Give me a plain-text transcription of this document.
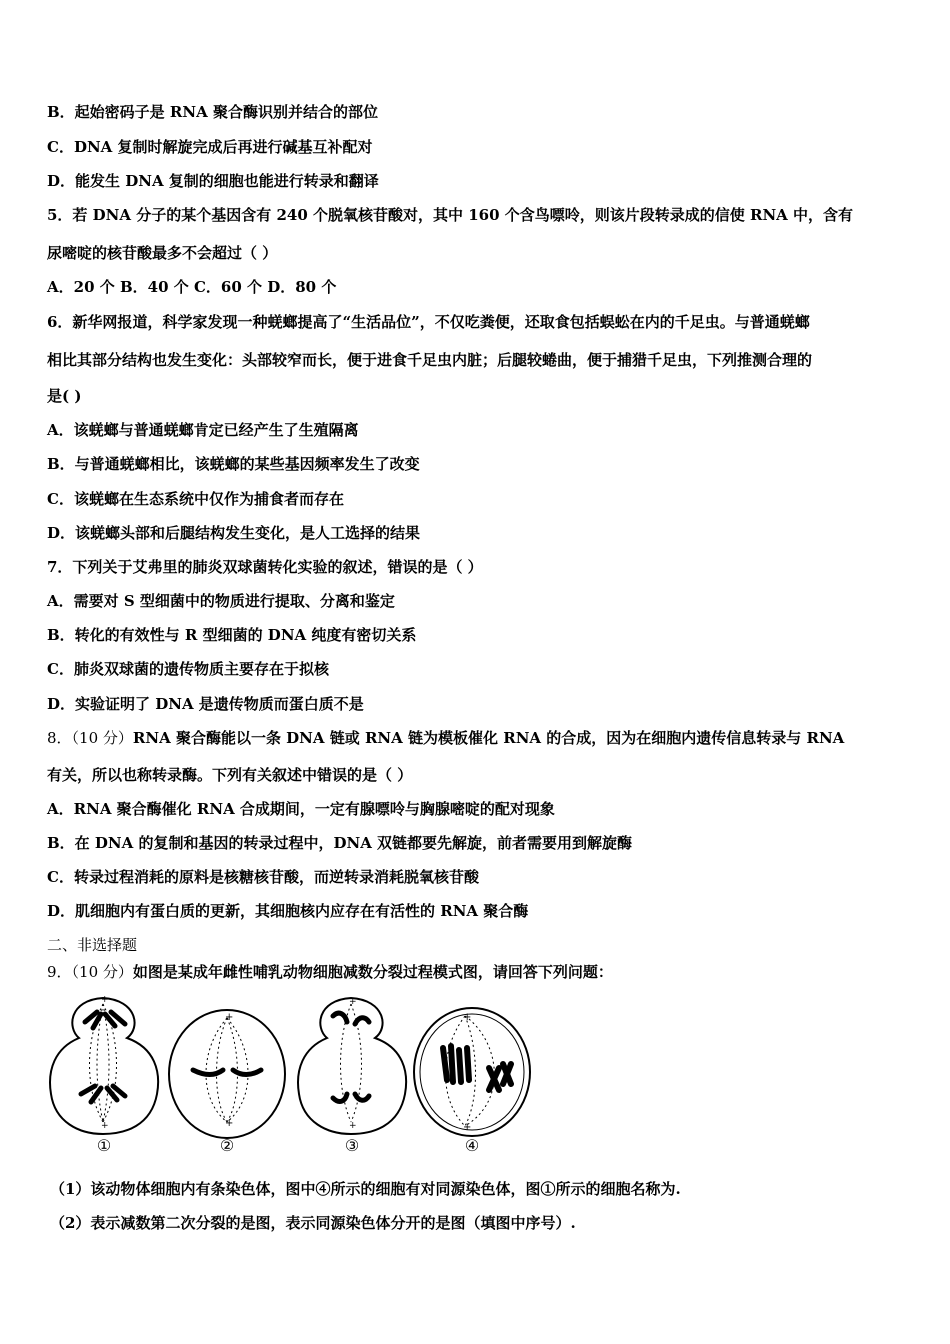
B．起始密码子是 RNA 聚合酶识别并结合的部位
C．DNA 复制时解旋完成后再进行碱基互补配对
D．能发生 DNA 复制的细胞也能进行转录和翻译
5．若 DNA 分子的某个基因含有 240 个脱氧核苷酸对，其中 160 个含鸟嘌呤，则该片段转录成的信使 RNA 中，含有
尿嘧啶的核苷酸最多不会超过（ ）
A．20 个 B．40 个 C．60 个 D．80 个
6．新华网报道，科学家发现一种蜣螂提高了“生活品位”，不仅吃粪便，还取食包括蜈蚣在内的千足虫。与普通蜣螂
相比其部分结构也发生变化：头部较窄而长，便于进食千足虫内脏；后腿较蜷曲，便于捕猎千足虫，下列推测合理的
是( )
A．该蜣螂与普通蜣螂肯定已经产生了生殖隔离
B．与普通蜣螂相比，该蜣螂的某些基因频率发生了改变
C．该蜣螂在生态系统中仅作为捕食者而存在
D．该蜣螂头部和后腿结构发生变化，是人工选择的结果
7．下列关于艾弗里的肺炎双球菌转化实验的叙述，错误的是（ ）
A．需要对 S 型细菌中的物质进行提取、分离和鉴定
B．转化的有效性与 R 型细菌的 DNA 纯度有密切关系
C．肺炎双球菌的遗传物质主要存在于拟核
D．实验证明了 DNA 是遗传物质而蛋白质不是
8．（10 分）RNA 聚合酶能以一条 DNA 链或 RNA 链为模板催化 RNA 的合成，因为在细胞内遗传信息转录与 RNA
有关，所以也称转录酶。下列有关叙述中错误的是（ ）
A．RNA 聚合酶催化 RNA 合成期间，一定有腺嘌呤与胸腺嘧啶的配对现象
B．在 DNA 的复制和基因的转录过程中，DNA 双链都要先解旋，前者需要用到解旋酶
C．转录过程消耗的原料是核糖核苷酸，而逆转录消耗脱氧核苷酸
D．肌细胞内有蛋白质的更新，其细胞核内应存在有活性的 RNA 聚合酶
二、非选择题
9．（10 分）如图是某成年雌性哺乳动物细胞减数分裂过程模式图，请回答下列问题：
+
+
①
+
+
②
+
+
③
+
+
④
（1）该动物体细胞内有条染色体，图中④所示的细胞有对同源染色体，图①所示的细胞名称为.
（2）表示减数第二次分裂的是图，表示同源染色体分开的是图（填图中序号）.
